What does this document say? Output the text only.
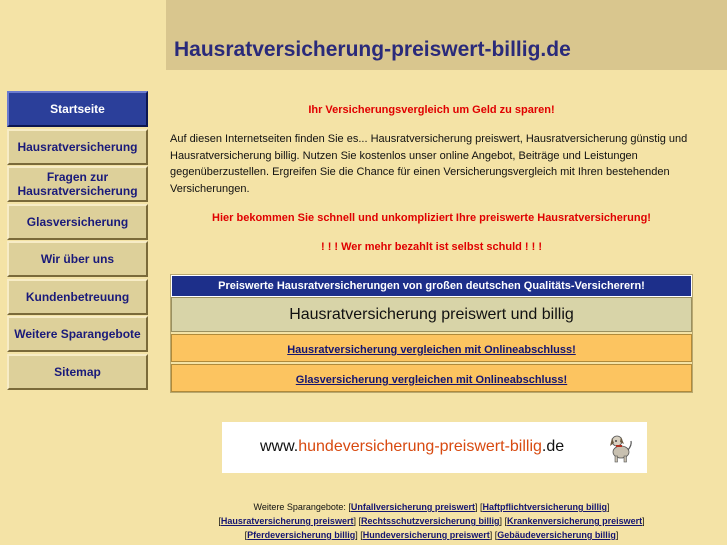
Hausratversicherung-preiswert-billig.de
Startseite
Hausratversicherung
Fragen zur Hausratversicherung
Glasversicherung
Wir über uns
Kundenbetreuung
Weitere Sparangebote
Sitemap
Ihr Versicherungsvergleich um Geld zu sparen!
Auf diesen Internetseiten finden Sie es... Hausratversicherung preiswert, Hausratversicherung günstig und Hausratversicherung billig. Nutzen Sie kostenlos unser online Angebot, Beiträge und Leistungen gegenüberzustellen. Ergreifen Sie die Chance für einen Versicherungsvergleich mit Ihren bestehenden Versicherungen.
Hier bekommen Sie schnell und unkompliziert Ihre preiswerte Hausratversicherung!
! ! ! Wer mehr bezahlt ist selbst schuld ! ! !
Preiswerte Hausratversicherungen von großen deutschen Qualitäts-Versicherern!
Hausratversicherung preiswert und billig
Hausratversicherung vergleichen mit Onlineabschluss!
Glasversicherung vergleichen mit Onlineabschluss!
www.hundeversicherung-preiswert-billig.de
Weitere Sparangebote: [Unfallversicherung preiswert] [Haftpflichtversicherung billig]
[Hausratversicherung preiswert] [Rechtsschutzversicherung billig] [Krankenversicherung preiswert]
[Pferdeversicherung billig] [Hundeversicherung preiswert] [Gebäudeversicherung billig]
